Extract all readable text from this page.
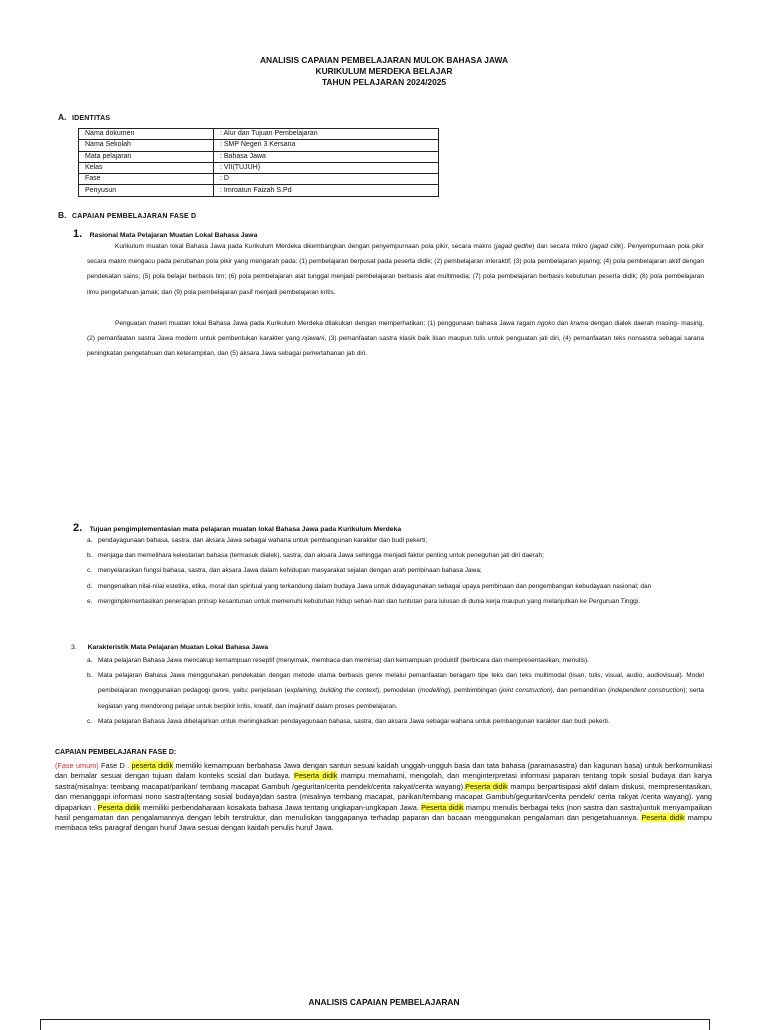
ANALISIS CAPAIAN PEMBELAJARAN MULOK BAHASA JAWA
KURIKULUM MERDEKA BELAJAR
TAHUN PELAJARAN 2024/2025
A. IDENTITAS
Nama dokumen	: Alur dan Tujuan Pembelajaran
Nama Sekolah	: SMP Negeri 3 Kersana
Mata pelajaran	: Bahasa Jawa
Kelas	: VII(TUJUH)
Fase	: D
Penyusun	: Imroatun Faizah S.Pd
B. CAPAIAN PEMBELAJARAN FASE D
1. Rasional Mata Pelajaran Muatan Lokal Bahasa Jawa
Kurikulum muatan lokal Bahasa Jawa pada Kurikulum Merdeka dikembangkan dengan penyempurnaan pola pikir, secara makro (jagad gedhe) dan secara mikro (jagad cilik). Penyempurnaan pola pikir secara makro mengacu pada perubahan pola pikir yang mengarah pada: (1) pembelajaran berpusat pada peserta didik; (2) pembelajaran interaktif; (3) pola pembelajaran jejaring; (4) pola pembelajaran aktif dengan pendekatan sains; (5) pola belajar berbasis tim; (6) pola pembelajaran alat tunggal menjadi pembelajaran berbasis alat multimedia; (7) pola pembelajaran berbasis kebutuhan peserta didik; (8) pola pembelajaran ilmu pengetahuan jamak; dan (9) pola pembelajaran pasif menjadi pembelajaran kritis.
Penguatan materi muatan lokal Bahasa Jawa pada Kurikulum Merdeka dilakukan dengan memperhatikan; (1) penggunaan bahasa Jawa ragam ngoko dan krama dengan dialek daerah masing- masing, (2) pemanfaatan sastra Jawa modern untuk pembentukan karakter yang njawani, (3) pemanfaatan sastra klasik baik lisan maupun tulis untuk penguatan jati diri, (4) pemanfaatan teks nonsastra sebagai sarana peningkatan pengetahuan dan keterampilan, dan (5) aksara Jawa sebagai pemertahanan jati diri.
2. Tujuan pengimplementasian mata pelajaran muatan lokal Bahasa Jawa pada Kurikulum Merdeka
a. pendayagunaan bahasa, sastra, dan aksara Jawa sebagai wahana untuk pembangunan karakter dan budi pekerti;
b. menjaga dan memelihara kelestarian bahasa (termasuk dialek), sastra, dan aksara Jawa sehingga menjadi faktor penting untuk peneguhan jati diri daerah;
c. menyelaraskan fungsi bahasa, sastra, dan aksara Jawa dalam kehidupan masyarakat sejalan dengan arah pembinaan bahasa Jawa;
d. mengenalkan nilai-nilai estetika, etika, moral dan spiritual yang terkandung dalam budaya Jawa untuk didayagunakan sebagai upaya pembinaan dan pengembangan kebudayaan nasional; dan
e. mengimplementasikan penerapan prinsip kesantunan untuk memenuhi kebutuhan hidup sehari-hari dan tuntutan para lulusan di dunia kerja maupun yang melanjutkan ke Perguruan Tinggi.
3. Karakteristik Mata Pelajaran Muatan Lokal Bahasa Jawa
a. Mata pelajaran Bahasa Jawa mencakup kemampuan reseptif (menyimak, membaca dan memirsa) dan kemampuan produktif (berbicara dan mempresentasikan, menulis).
b. Mata pelajaran Bahasa Jawa menggunakan pendekatan dengan metode utama berbasis genre melalui pemanfaatan beragam tipe teks dan teks multimodal (lisan, tulis, visual, audio, audiovisual). Model pembelajaran menggunakan pedagogi genre, yaitu: penjelasan (explaining, building the context), pemodelan (modelling), pembimbingan (joint construction), dan pemandirian (independent construction); serta kegiatan yang mendorong pelajar untuk berpikir kritis, kreatif, dan imajinatif dalam proses pembelajaran.
c. Mata pelajaran Bahasa Jawa dibelajarkan untuk meningkatkan pendayagunaan bahasa, sastra, dan aksara Jawa sebagai wahana untuk pembangunan karakter dan budi pekerti.
CAPAIAN PEMBELAJARAN FASE D:
(Fase umum) Fase D . peserta didik memiliki kemampuan berbahasa Jawa dengan santun sesuai kaidah unggah-ungguh basa dan tata bahasa (paramasastra) dan kagunan basa) untuk berkomunikasi dan bernalar sesuai dengan tujuan dalam konteks sosial dan budaya. Peserta didik mampu memahami, mengolah, dan menginterpretasi informasi paparan tentang topik sosial budaya dan karya sastra(misalnya: tembang macapat/parikan/ tembang macapat Gambuh /geguritan/cerita pendek/cerita rakyat/cerita wayang).Peserta didik mampu berpartisipasi aktif dalam diskusi, mempresentasikan, dan menanggapi informasi nono sastra(tentang sosial budaya)dan sastra (misalnya tembang macapat, parikan/tembang macapat Gambuh/geguritan/cerita pendek/ cerita rakyat /cerita wayang). yang dipaparkan . Peserta didik memiliki perbendaharaan kosakata bahasa Jawa tentang ungkapan-ungkapan Jawa. Peserta didik mampu menulis berbagai teks (non sastra dan sastra)untuk menyampaikan hasil pengamatan dan pengalamannya dengan lebih terstruktur, dan menuliskan tanggapanya terhadap paparan dan bacaan menggunakan pengalaman dan pengetahuannya. Peserta didik mampu membaca teks paragraf dengan huruf Jawa sesuai dengan kaidah penulis huruf Jawa.
ANALISIS CAPAIAN PEMBELAJARAN
